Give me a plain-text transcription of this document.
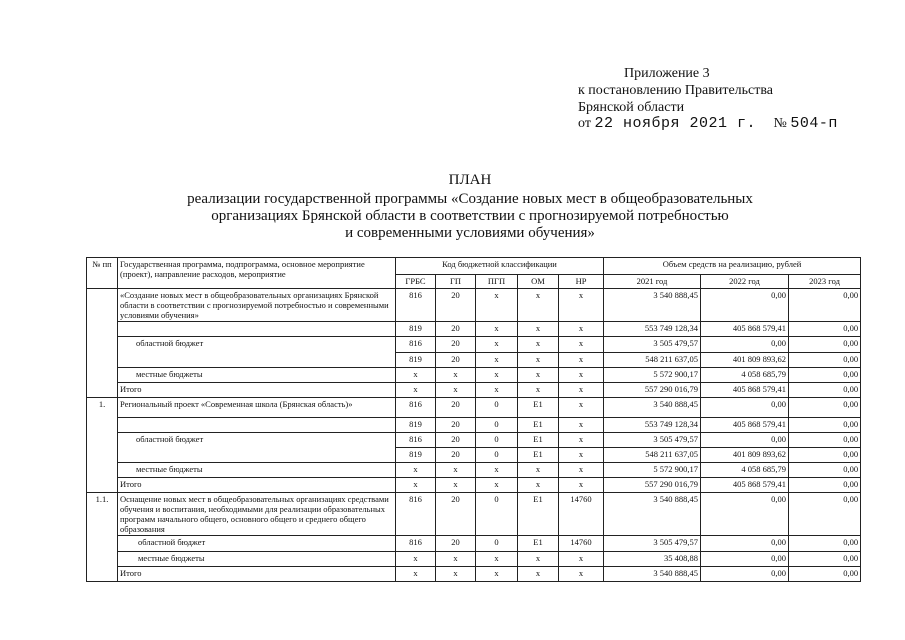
Приложение 3
к постановлению Правительства
Брянской области
от 22 ноября 2021 г. № 504-п
ПЛАН
реализации государственной программы «Создание новых мест в общеобразовательных
организациях Брянской области в соответствии с прогнозируемой потребностью
и современными условиями обучения»
№ пп	Государственная программа, подпрограмма, основное мероприятие (проект), направление расходов, мероприятие	Код бюджетной классификации					Объем средств на реализацию, рублей		
		ГРБС	ГП	ПГП	ОМ	НР	2021 год	2022 год	2023 год
	«Создание новых мест в общеобразовательных организациях Брянской области в соответствии с прогнозируемой потребностью и современными условиями обучения»	816	20	х	х	х	3 540 888,45	0,00	0,00
		819	20	х	х	х	553 749 128,34	405 868 579,41	0,00
	областной бюджет	816	20	х	х	х	3 505 479,57	0,00	0,00
		819	20	х	х	х	548 211 637,05	401 809 893,62	0,00
	местные бюджеты	х	х	х	х	х	5 572 900,17	4 058 685,79	0,00
	Итого	х	х	х	х	х	557 290 016,79	405 868 579,41	0,00
1.	Региональный проект «Современная школа (Брянская область)»	816	20	0	Е1	х	3 540 888,45	0,00	0,00
		819	20	0	Е1	х	553 749 128,34	405 868 579,41	0,00
	областной бюджет	816	20	0	Е1	х	3 505 479,57	0,00	0,00
		819	20	0	Е1	х	548 211 637,05	401 809 893,62	0,00
	местные бюджеты	х	х	х	х	х	5 572 900,17	4 058 685,79	0,00
	Итого	х	х	х	х	х	557 290 016,79	405 868 579,41	0,00
1.1.	Оснащение новых мест в общеобразовательных организациях средствами обучения и воспитания, необходимыми для реализации образовательных программ начального общего, основного общего и среднего общего образования	816	20	0	Е1	14760	3 540 888,45	0,00	0,00
	областной бюджет	816	20	0	Е1	14760	3 505 479,57	0,00	0,00
	местные бюджеты	х	х	х	х	х	35 408,88	0,00	0,00
	Итого	х	х	х	х	х	3 540 888,45	0,00	0,00
